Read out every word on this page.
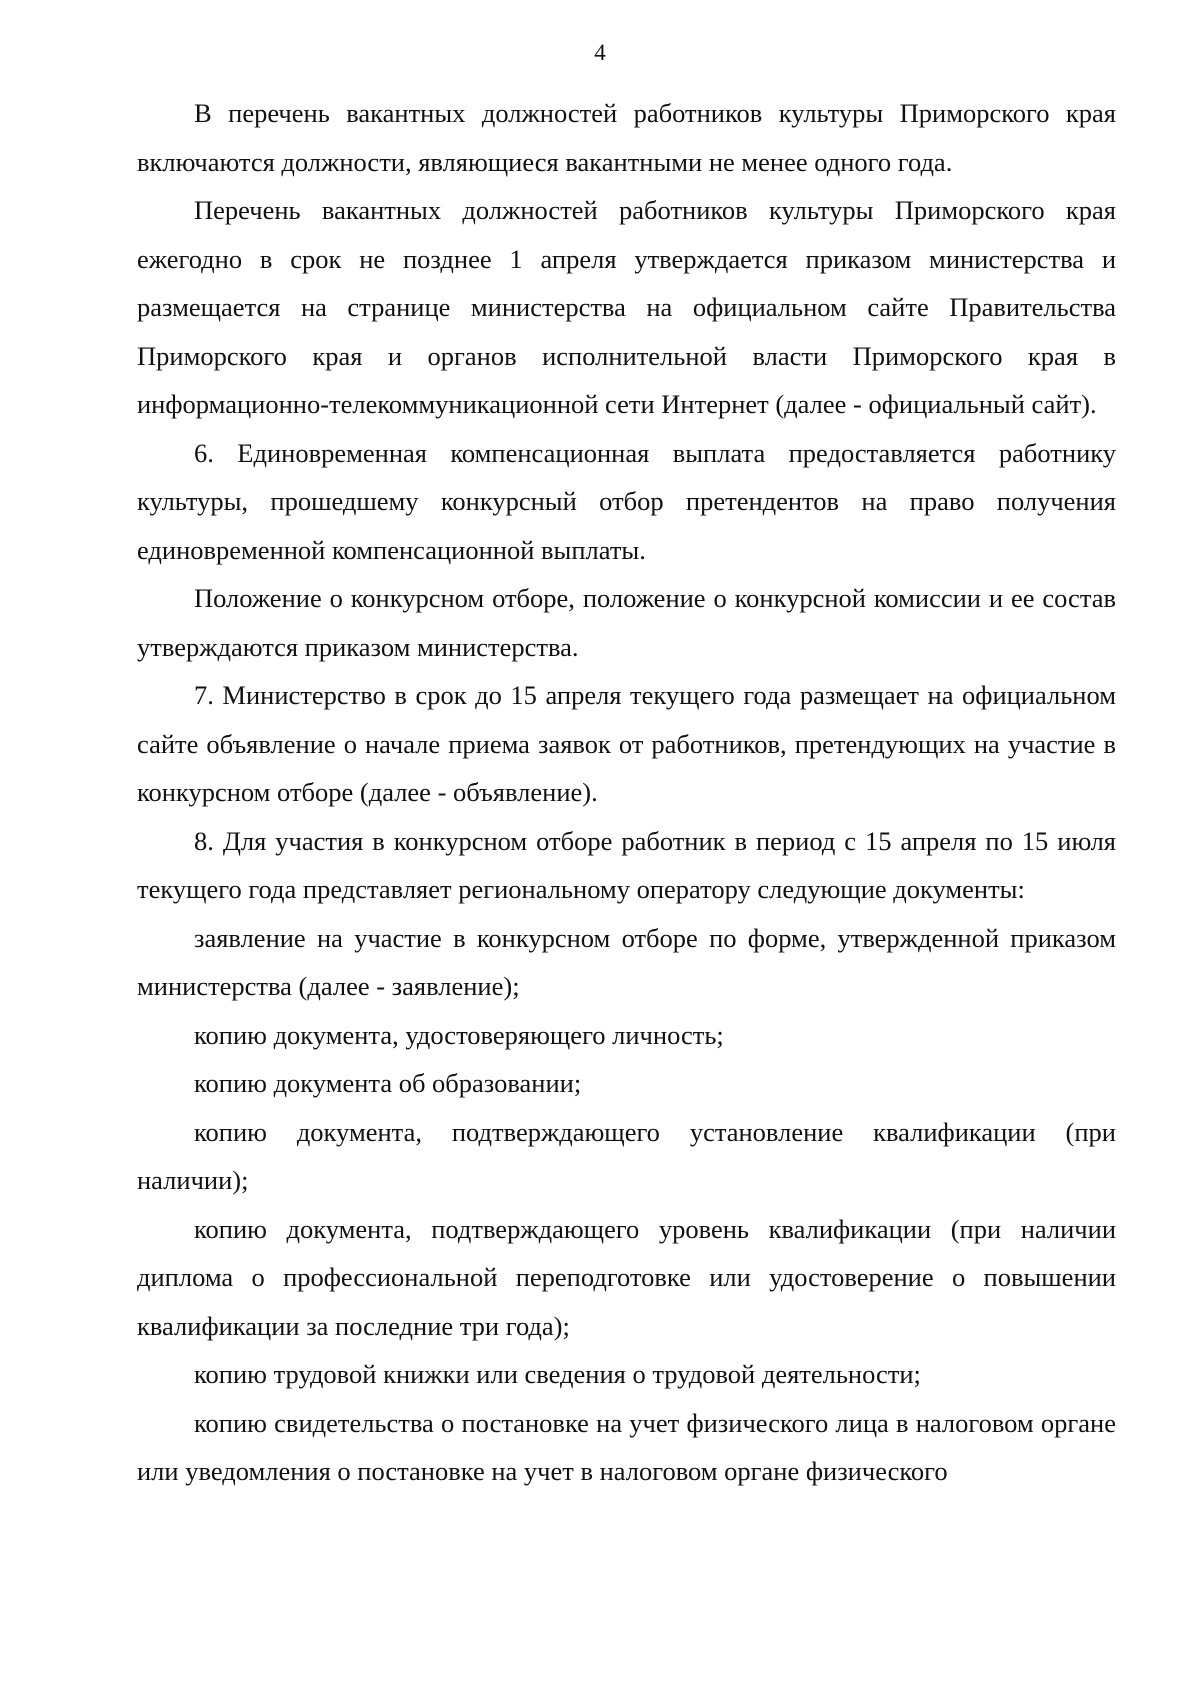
4

В перечень вакантных должностей работников культуры Приморского края включаются должности, являющиеся вакантными не менее одного года.

Перечень вакантных должностей работников культуры Приморского края ежегодно в срок не позднее 1 апреля утверждается приказом министерства и размещается на странице министерства на официальном сайте Правительства Приморского края и органов исполнительной власти Приморского края в информационно-телекоммуникационной сети Интернет (далее - официальный сайт).

6. Единовременная компенсационная выплата предоставляется работнику культуры, прошедшему конкурсный отбор претендентов на право получения единовременной компенсационной выплаты.

Положение о конкурсном отборе, положение о конкурсной комиссии и ее состав утверждаются приказом министерства.

7. Министерство в срок до 15 апреля текущего года размещает на официальном сайте объявление о начале приема заявок от работников, претендующих на участие в конкурсном отборе (далее - объявление).

8. Для участия в конкурсном отборе работник в период с 15 апреля по 15 июля текущего года представляет региональному оператору следующие документы:

заявление на участие в конкурсном отборе по форме, утвержденной приказом министерства (далее - заявление);

копию документа, удостоверяющего личность;

копию документа об образовании;

копию документа, подтверждающего установление квалификации (при наличии);

копию документа, подтверждающего уровень квалификации (при наличии диплома о профессиональной переподготовке или удостоверение о повышении квалификации за последние три года);

копию трудовой книжки или сведения о трудовой деятельности;

копию свидетельства о постановке на учет физического лица в налоговом органе или уведомления о постановке на учет в налоговом органе физического
